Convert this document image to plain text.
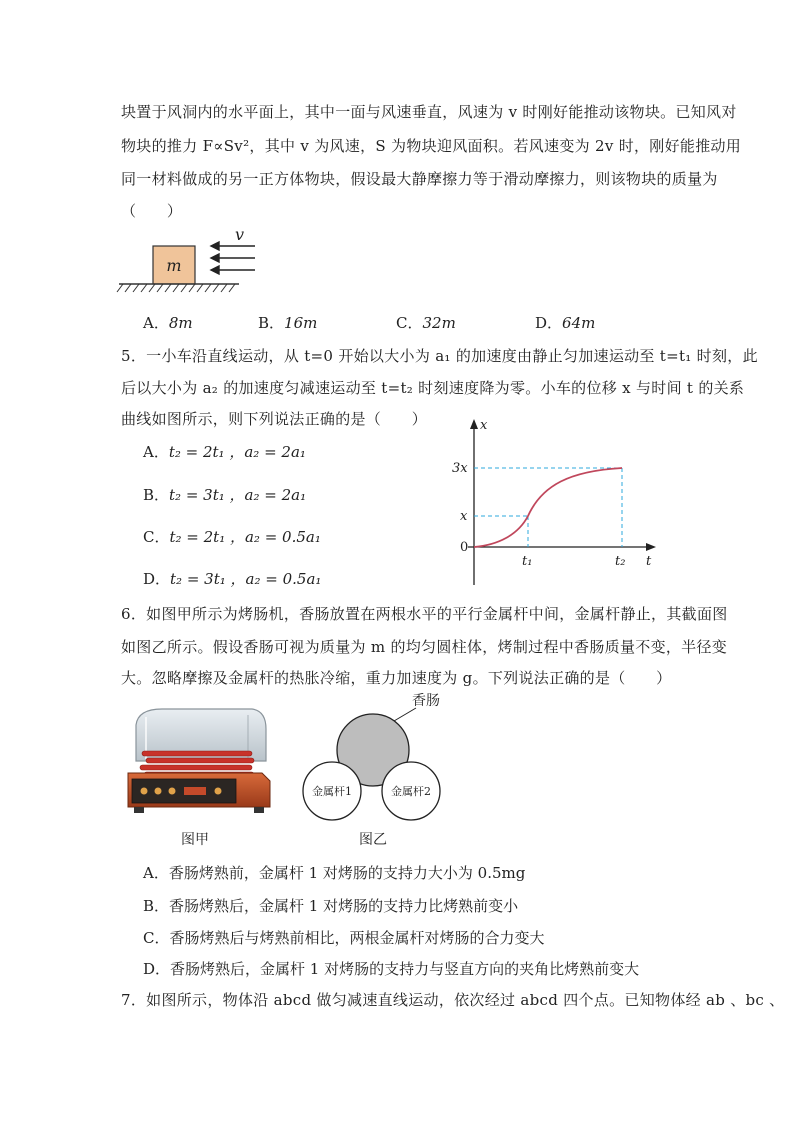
块置于风洞内的水平面上，其中一面与风速垂直，风速为 v 时刚好能推动该物块。已知风对
物块的推力 F∝Sv²，其中 v 为风速，S 为物块迎风面积。若风速变为 2v 时，刚好能推动用
同一材料做成的另一正方体物块，假设最大静摩擦力等于滑动摩擦力，则该物块的质量为
（　　）
m
v
A．8m	B．16m	C．32m	D．64m
5．一小车沿直线运动，从 t=0 开始以大小为 a₁ 的加速度由静止匀加速运动至 t=t₁ 时刻，此
后以大小为 a₂ 的加速度匀减速运动至 t=t₂ 时刻速度降为零。小车的位移 x 与时间 t 的关系
曲线如图所示，则下列说法正确的是（　　）
A．t₂ = 2t₁ ，a₂ = 2a₁
B．t₂ = 3t₁ ，a₂ = 2a₁
C．t₂ = 2t₁ ，a₂ = 0.5a₁
D．t₂ = 3t₁ ，a₂ = 0.5a₁
x
t
0
x
3x
t₁	t₂
6．如图甲所示为烤肠机，香肠放置在两根水平的平行金属杆中间，金属杆静止，其截面图
如图乙所示。假设香肠可视为质量为 m 的均匀圆柱体，烤制过程中香肠质量不变，半径变
大。忽略摩擦及金属杆的热胀冷缩，重力加速度为 g。下列说法正确的是（　　）
图甲
香肠
金属杆1	金属杆2
图乙
A．香肠烤熟前，金属杆 1 对烤肠的支持力大小为 0.5mg
B．香肠烤熟后，金属杆 1 对烤肠的支持力比烤熟前变小
C．香肠烤熟后与烤熟前相比，两根金属杆对烤肠的合力变大
D．香肠烤熟后，金属杆 1 对烤肠的支持力与竖直方向的夹角比烤熟前变大
7．如图所示，物体沿 abcd 做匀减速直线运动，依次经过 abcd 四个点。已知物体经 ab 、bc 、
